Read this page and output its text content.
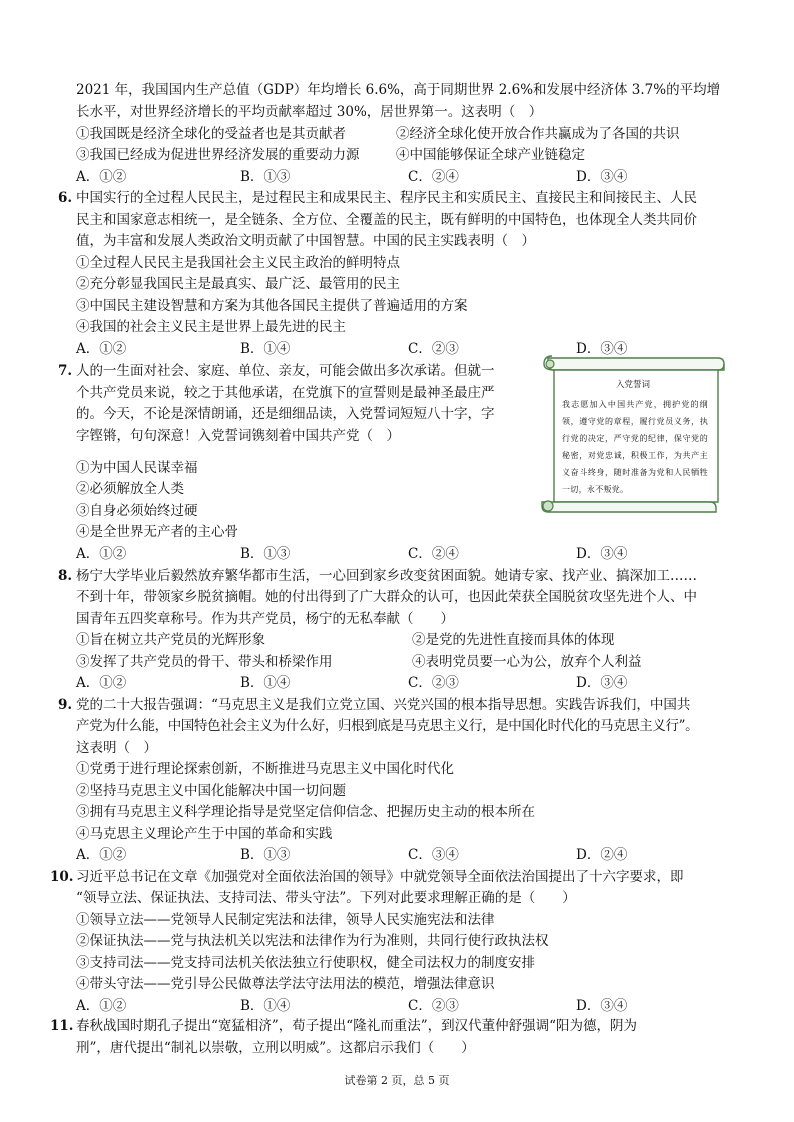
2021 年，我国国内生产总值（GDP）年均增长 6.6%，高于同期世界 2.6%和发展中经济体 3.7%的平均增
长水平，对世界经济增长的平均贡献率超过 30%，居世界第一。这表明（　）
①我国既是经济全球化的受益者也是其贡献者	②经济全球化使开放合作共赢成为了各国的共识
③我国已经成为促进世界经济发展的重要动力源	④中国能够保证全球产业链稳定
A．①②	B．①③	C．②④	D．③④
6. 中国实行的全过程人民民主，是过程民主和成果民主、程序民主和实质民主、直接民主和间接民主、人民
民主和国家意志相统一，是全链条、全方位、全覆盖的民主，既有鲜明的中国特色，也体现全人类共同价
值，为丰富和发展人类政治文明贡献了中国智慧。中国的民主实践表明（　）
①全过程人民民主是我国社会主义民主政治的鲜明特点
②充分彰显我国民主是最真实、最广泛、最管用的民主
③中国民主建设智慧和方案为其他各国民主提供了普遍适用的方案
④我国的社会主义民主是世界上最先进的民主
A．①②	B．①④	C．②③	D．③④
7. 人的一生面对社会、家庭、单位、亲友，可能会做出多次承诺。但就一
个共产党员来说，较之于其他承诺，在党旗下的宣誓则是最神圣最庄严
的。今天，不论是深情朗诵，还是细细品读，入党誓词短短八十字，字
字铿锵，句句深意！入党誓词镌刻着中国共产党（　）
①为中国人民谋幸福
②必须解放全人类
③自身必须始终过硬
④是全世界无产者的主心骨
A．①②	B．①③	C．②④	D．③④
入党誓词
我志愿加入中国共产党，拥护党的纲领，遵守党的章程，履行党员义务，执行党的决定，严守党的纪律，保守党的秘密，对党忠诚，积极工作，为共产主义奋斗终身，随时准备为党和人民牺牲一切，永不叛党。
8. 杨宁大学毕业后毅然放弃繁华都市生活，一心回到家乡改变贫困面貌。她请专家、找产业、搞深加工……
不到十年，带领家乡脱贫摘帽。她的付出得到了广大群众的认可，也因此荣获全国脱贫攻坚先进个人、中
国青年五四奖章称号。作为共产党员，杨宁的无私奉献（　　）
①旨在树立共产党员的光辉形象	②是党的先进性直接而具体的体现
③发挥了共产党员的骨干、带头和桥梁作用	④表明党员要一心为公，放弃个人利益
A．①②	B．①④	C．②③	D．③④
9. 党的二十大报告强调：“马克思主义是我们立党立国、兴党兴国的根本指导思想。实践告诉我们，中国共
产党为什么能，中国特色社会主义为什么好，归根到底是马克思主义行，是中国化时代化的马克思主义行”。
这表明（　）
①党勇于进行理论探索创新，不断推进马克思主义中国化时代化
②坚持马克思主义中国化能解决中国一切问题
③拥有马克思主义科学理论指导是党坚定信仰信念、把握历史主动的根本所在
④马克思主义理论产生于中国的革命和实践
A．①②	B．①③	C．③④	D．②④
10. 习近平总书记在文章《加强党对全面依法治国的领导》中就党领导全面依法治国提出了十六字要求，即
“领导立法、保证执法、支持司法、带头守法”。下列对此要求理解正确的是（　　）
①领导立法——党领导人民制定宪法和法律，领导人民实施宪法和法律
②保证执法——党与执法机关以宪法和法律作为行为准则，共同行使行政执法权
③支持司法——党支持司法机关依法独立行使职权，健全司法权力的制度安排
④带头守法——党引导公民做尊法学法守法用法的模范，增强法律意识
A．①②	B．①④	C．②③	D．③④
试卷第 2 页，总 5 页
11. 春秋战国时期孔子提出“宽猛相济”，荀子提出“隆礼而重法”，到汉代董仲舒强调“阳为德，阴为
刑”，唐代提出“制礼以崇敬，立刑以明威”。这都启示我们（　　）
